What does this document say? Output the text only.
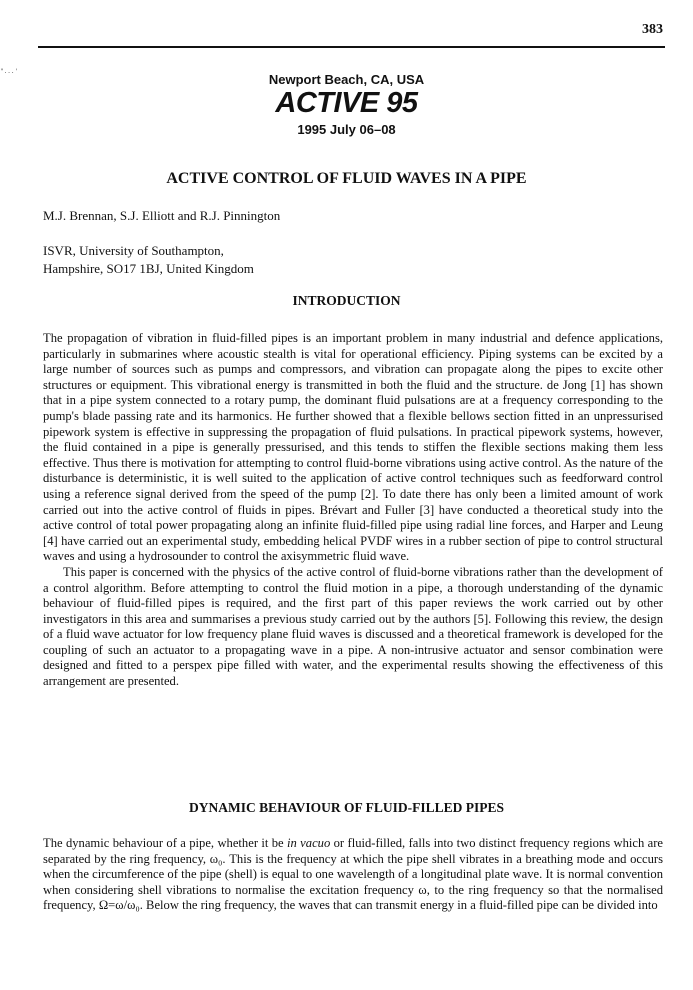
383
"...'
Newport Beach, CA, USA
ACTIVE 95
1995 July 06–08
ACTIVE CONTROL OF FLUID WAVES IN A PIPE
M.J. Brennan, S.J. Elliott and R.J. Pinnington
ISVR, University of Southampton,
Hampshire, SO17 1BJ, United Kingdom
INTRODUCTION

The propagation of vibration in fluid-filled pipes is an important problem in many industrial and defence applications, particularly in submarines where acoustic stealth is vital for operational efficiency. Piping systems can be excited by a large number of sources such as pumps and compressors, and vibration can propagate along the pipes to excite other structures or equipment. This vibrational energy is transmitted in both the fluid and the structure. de Jong [1] has shown that in a pipe system connected to a rotary pump, the dominant fluid pulsations are at a frequency corresponding to the pump's blade passing rate and its harmonics. He further showed that a flexible bellows section fitted in an unpressurised pipework system is effective in suppressing the propagation of fluid pulsations. In practical pipework systems, however, the fluid contained in a pipe is generally pressurised, and this tends to stiffen the flexible sections making them less effective. Thus there is motivation for attempting to control fluid-borne vibrations using active control. As the nature of the disturbance is deterministic, it is well suited to the application of active control techniques such as feedforward control using a reference signal derived from the speed of the pump [2]. To date there has only been a limited amount of work carried out into the active control of fluids in pipes. Brévart and Fuller [3] have conducted a theoretical study into the active control of total power propagating along an infinite fluid-filled pipe using radial line forces, and Harper and Leung [4] have carried out an experimental study, embedding helical PVDF wires in a rubber section of pipe to control structural waves and using a hydrosounder to control the axisymmetric fluid wave.

This paper is concerned with the physics of the active control of fluid-borne vibrations rather than the development of a control algorithm. Before attempting to control the fluid motion in a pipe, a thorough understanding of the dynamic behaviour of fluid-filled pipes is required, and the first part of this paper reviews the work carried out by other investigators in this area and summarises a previous study carried out by the authors [5]. Following this review, the design of a fluid wave actuator for low frequency plane fluid waves is discussed and a theoretical framework is developed for the coupling of such an actuator to a propagating wave in a pipe. A non-intrusive actuator and sensor combination were designed and fitted to a perspex pipe filled with water, and the experimental results showing the effectiveness of this arrangement are presented.

DYNAMIC BEHAVIOUR OF FLUID-FILLED PIPES

The dynamic behaviour of a pipe, whether it be in vacuo or fluid-filled, falls into two distinct frequency regions which are separated by the ring frequency, ω₀. This is the frequency at which the pipe shell vibrates in a breathing mode and occurs when the circumference of the pipe (shell) is equal to one wavelength of a longitudinal plate wave. It is normal convention when considering shell vibrations to normalise the excitation frequency ω, to the ring frequency so that the normalised frequency, Ω=ω/ω₀. Below the ring frequency, the waves that can transmit energy in a fluid-filled pipe can be divided into
